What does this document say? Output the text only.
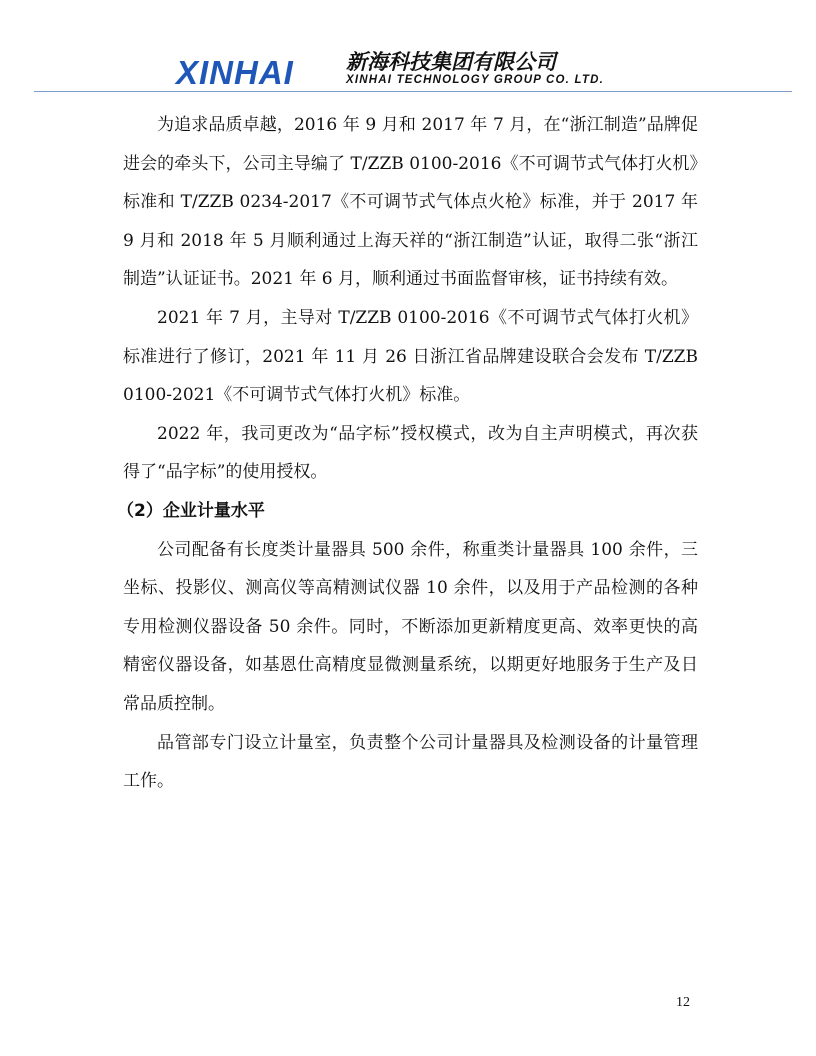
XINHAI 新海科技集团有限公司
XINHAI TECHNOLOGY GROUP CO. LTD.

为追求品质卓越，2016 年 9 月和 2017 年 7 月，在“浙江制造”品牌促进会的牵头下，公司主导编了 T/ZZB 0100-2016《不可调节式气体打火机》标准和 T/ZZB 0234-2017《不可调节式气体点火枪》标准，并于 2017 年 9 月和 2018 年 5 月顺利通过上海天祥的“浙江制造”认证，取得二张“浙江制造”认证证书。2021 年 6 月，顺利通过书面监督审核，证书持续有效。

2021 年 7 月，主导对 T/ZZB 0100-2016《不可调节式气体打火机》标准进行了修订，2021 年 11 月 26 日浙江省品牌建设联合会发布 T/ZZB 0100-2021《不可调节式气体打火机》标准。

2022 年，我司更改为“品字标”授权模式，改为自主声明模式，再次获得了“品字标”的使用授权。

（2）企业计量水平

公司配备有长度类计量器具 500 余件，称重类计量器具 100 余件，三坐标、投影仪、测高仪等高精测试仪器 10 余件，以及用于产品检测的各种专用检测仪器设备 50 余件。同时，不断添加更新精度更高、效率更快的高精密仪器设备，如基恩仕高精度显微测量系统，以期更好地服务于生产及日常品质控制。

品管部专门设立计量室，负责整个公司计量器具及检测设备的计量管理工作。

12
